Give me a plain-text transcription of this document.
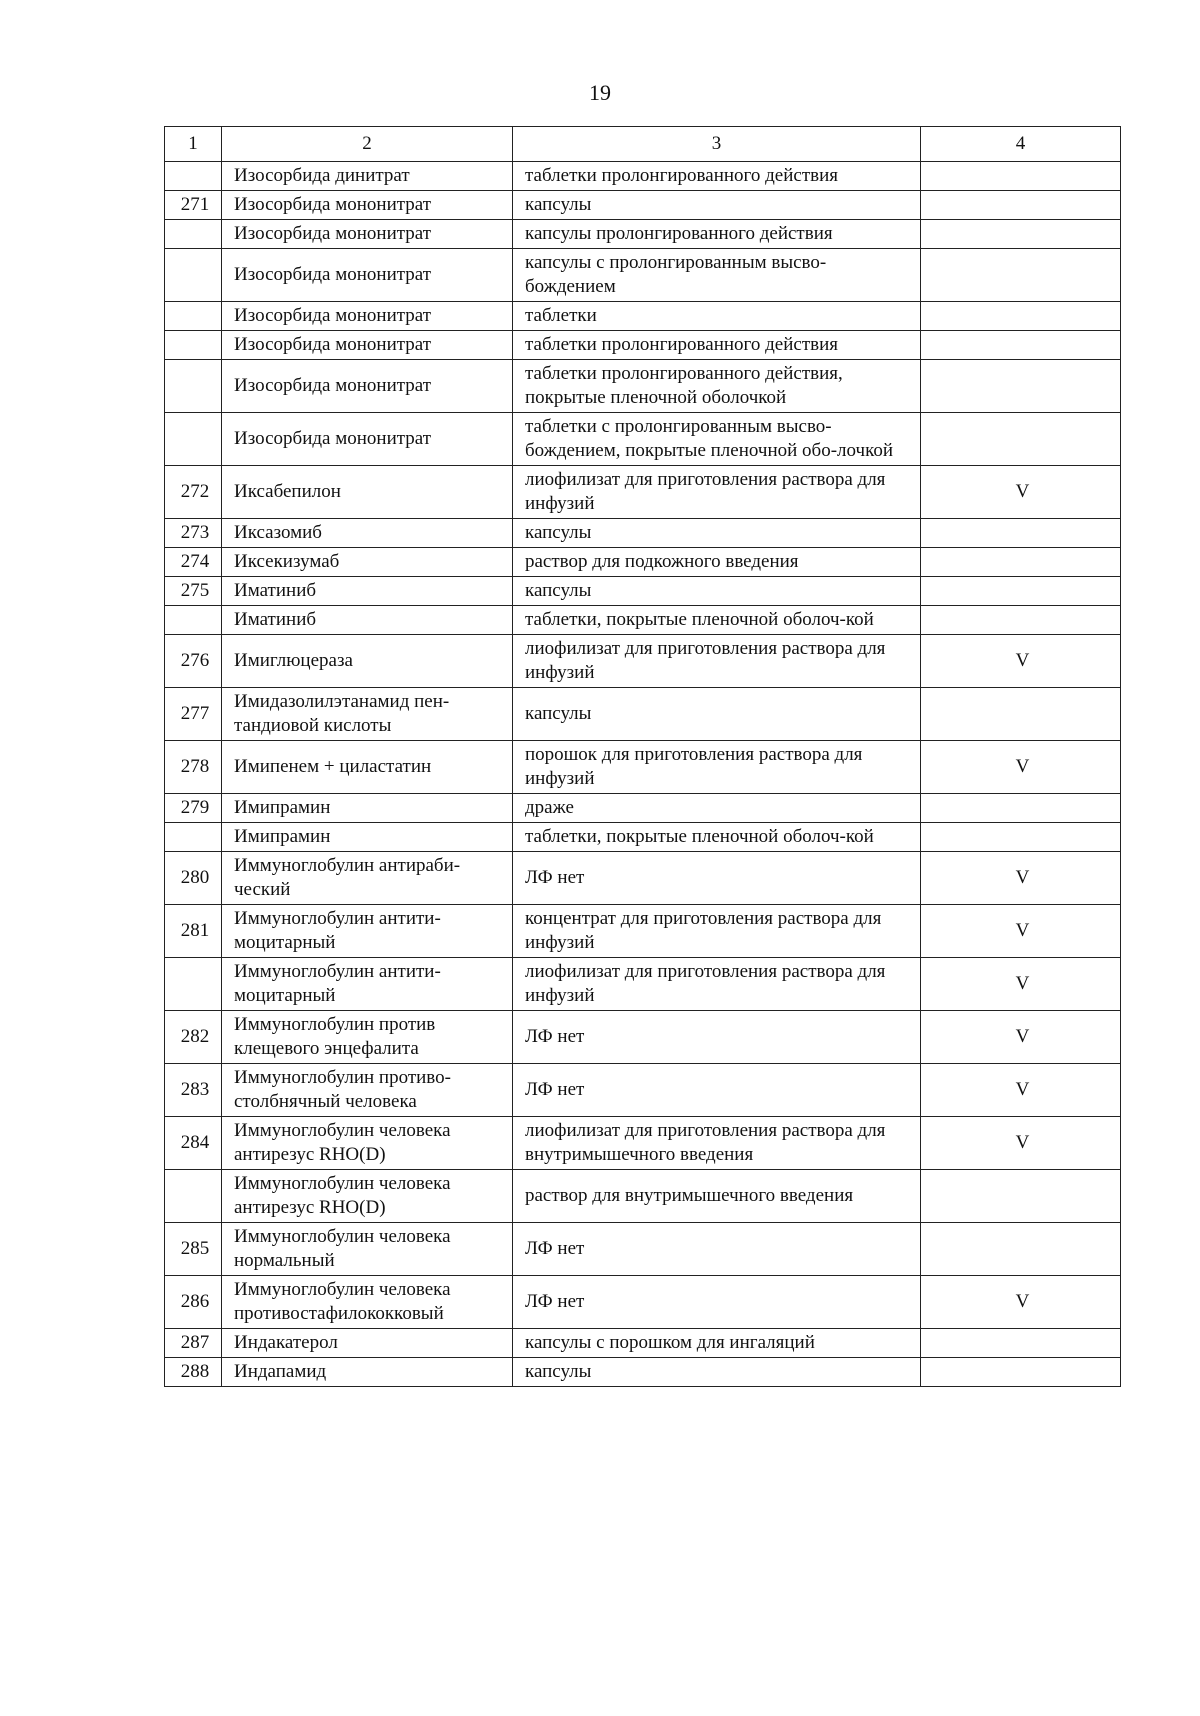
19
1	2	3	4
	Изосорбида динитрат	таблетки пролонгированного действия	
271	Изосорбида мононитрат	капсулы	
	Изосорбида мононитрат	капсулы пролонгированного действия	
	Изосорбида мононитрат	капсулы с пролонгированным высво-бождением	
	Изосорбида мононитрат	таблетки	
	Изосорбида мононитрат	таблетки пролонгированного действия	
	Изосорбида мононитрат	таблетки пролонгированного действия, покрытые пленочной оболочкой	
	Изосорбида мононитрат	таблетки с пролонгированным высво-бождением, покрытые пленочной обо-лочкой	
272	Иксабепилон	лиофилизат для приготовления раствора для инфузий	V
273	Иксазомиб	капсулы	
274	Иксекизумаб	раствор для подкожного введения	
275	Иматиниб	капсулы	
	Иматиниб	таблетки, покрытые пленочной оболоч-кой	
276	Имиглюцераза	лиофилизат для приготовления раствора для инфузий	V
277	Имидазолилэтанамид пен-тандиовой кислоты	капсулы	
278	Имипенем + циластатин	порошок для приготовления раствора для инфузий	V
279	Имипрамин	драже	
	Имипрамин	таблетки, покрытые пленочной оболоч-кой	
280	Иммуноглобулин антираби-ческий	ЛФ нет	V
281	Иммуноглобулин антити-моцитарный	концентрат для приготовления раствора для инфузий	V
	Иммуноглобулин антити-моцитарный	лиофилизат для приготовления раствора для инфузий	V
282	Иммуноглобулин против клещевого энцефалита	ЛФ нет	V
283	Иммуноглобулин противо-столбнячный человека	ЛФ нет	V
284	Иммуноглобулин человека антирезус RHO(D)	лиофилизат для приготовления раствора для внутримышечного введения	V
	Иммуноглобулин человека антирезус RHO(D)	раствор для внутримышечного введения	
285	Иммуноглобулин человека нормальный	ЛФ нет	
286	Иммуноглобулин человека противостафилококковый	ЛФ нет	V
287	Индакатерол	капсулы с порошком для ингаляций	
288	Индапамид	капсулы	
